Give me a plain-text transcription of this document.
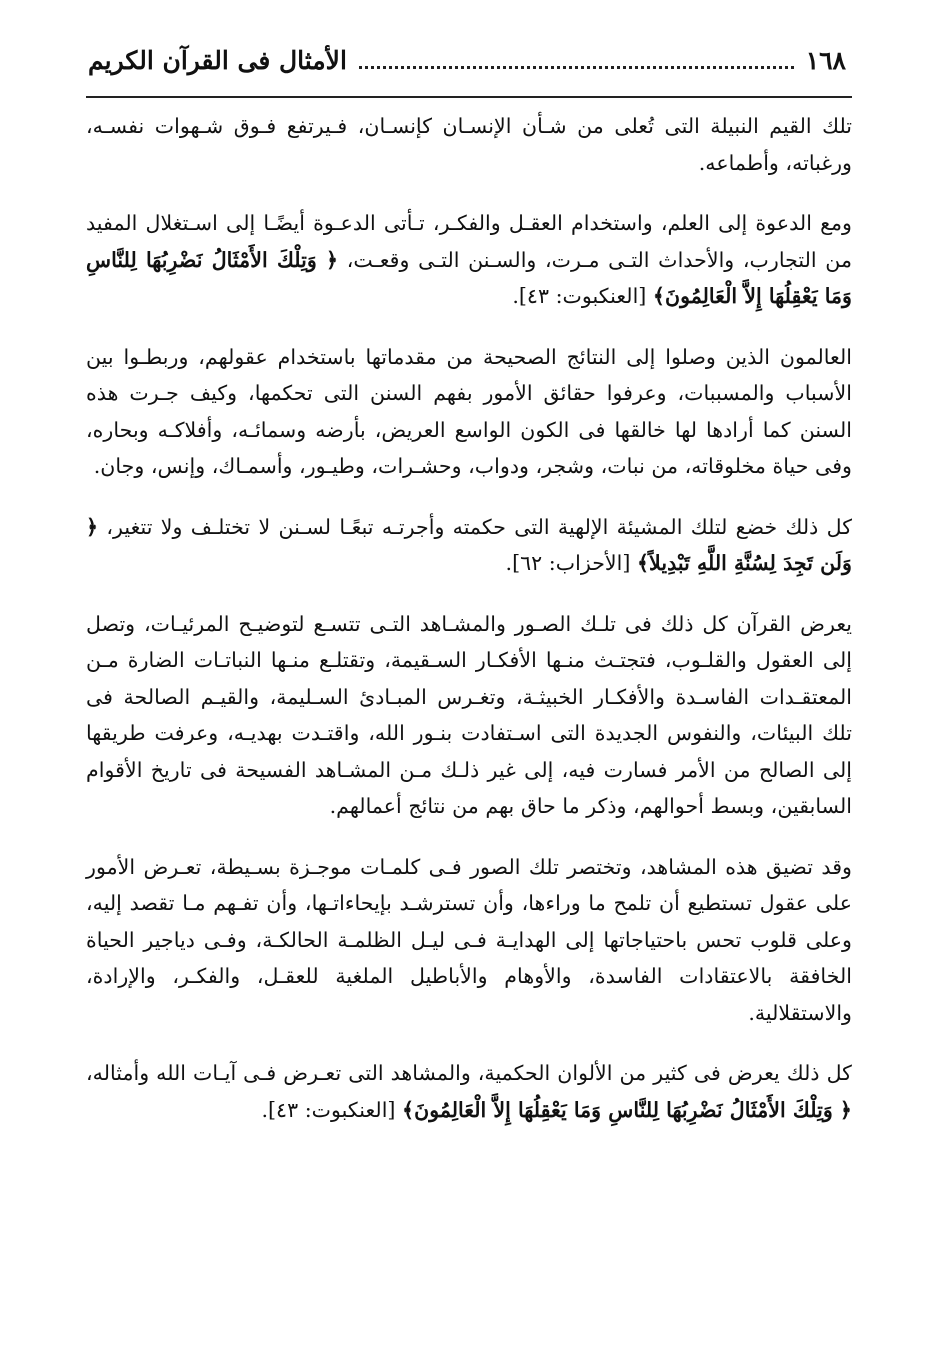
١٦٨
الأمثال فى القرآن الكريم

تلك القيم النبيلة التى تُعلى من شـأن الإنسـان كإنسـان، فـيرتفع فـوق شـهوات نفسـه، ورغباته، وأطماعه.

ومع الدعوة إلى العلم، واستخدام العقـل والفكـر، تـأتى الدعـوة أيضًـا إلى اسـتغلال المفيد من التجارب، والأحداث التـى مـرت، والسـنن التـى وقعـت، ﴿ وَتِلْكَ الأَمْثَالُ نَضْرِبُهَا لِلنَّاسِ وَمَا يَعْقِلُهَا إِلاَّ الْعَالِمُونَ﴾ [العنكبوت: ٤٣].

العالمون الذين وصلوا إلى النتائج الصحيحة من مقدماتها باستخدام عقولهم، وربطـوا بين الأسباب والمسببات، وعرفوا حقائق الأمور بفهم السنن التى تحكمها، وكيف جـرت هذه السنن كما أرادها لها خالقها فى الكون الواسع العريض، بأرضه وسمائـه، وأفلاكـه وبحاره، وفى حياة مخلوقاته، من نبات، وشجر، ودواب، وحشـرات، وطيـور، وأسمـاك، وإنس، وجان.

كل ذلك خضع لتلك المشيئة الإلهية التى حكمته وأجرتـه تبعًـا لسـنن لا تختلـف ولا تتغير، ﴿ وَلَن تَجِدَ لِسُنَّةِ اللَّهِ تَبْدِيلاً﴾ [الأحزاب: ٦٢].

يعرض القرآن كل ذلك فى تلـك الصـور والمشـاهد التـى تتسـع لتوضيـح المرئيـات، وتصل إلى العقول والقلـوب، فتجتـث منـها الأفكـار السـقيمة، وتقتلـع منـها النباتـات الضارة مـن المعتقـدات الفاسـدة والأفكـار الخبيثـة، وتغـرس المبـادئ السـليمة، والقيـم الصالحة فى تلك البيئات، والنفوس الجديدة التى اسـتفادت بنـور الله، واقتـدت بهديـه، وعرفت طريقها إلى الصالح من الأمر فسارت فيه، إلى غير ذلـك مـن المشـاهد الفسيحة فى تاريخ الأقوام السابقين، وبسط أحوالهم، وذكر ما حاق بهم من نتائج أعمالهم.

وقد تضيق هذه المشاهد، وتختصر تلك الصور فـى كلمـات موجـزة بسـيطة، تعـرض الأمور على عقول تستطيع أن تلمح ما وراءها، وأن تسترشـد بإيحاءاتـها، وأن تفـهم مـا تقصد إليه، وعلى قلوب تحس باحتياجاتها إلى الهدايـة فـى ليـل الظلمـة الحالكـة، وفـى دياجير الحياة الخافقة بالاعتقادات الفاسدة، والأوهام والأباطيل الملغية للعقـل، والفكـر، والإرادة، والاستقلالية.

كل ذلك يعرض فى كثير من الألوان الحكمية، والمشاهد التى تعـرض فـى آيـات الله وأمثاله، ﴿ وَتِلْكَ الأَمْثَالُ نَضْرِبُهَا لِلنَّاسِ وَمَا يَعْقِلُهَا إِلاَّ الْعَالِمُونَ﴾ [العنكبوت: ٤٣].
